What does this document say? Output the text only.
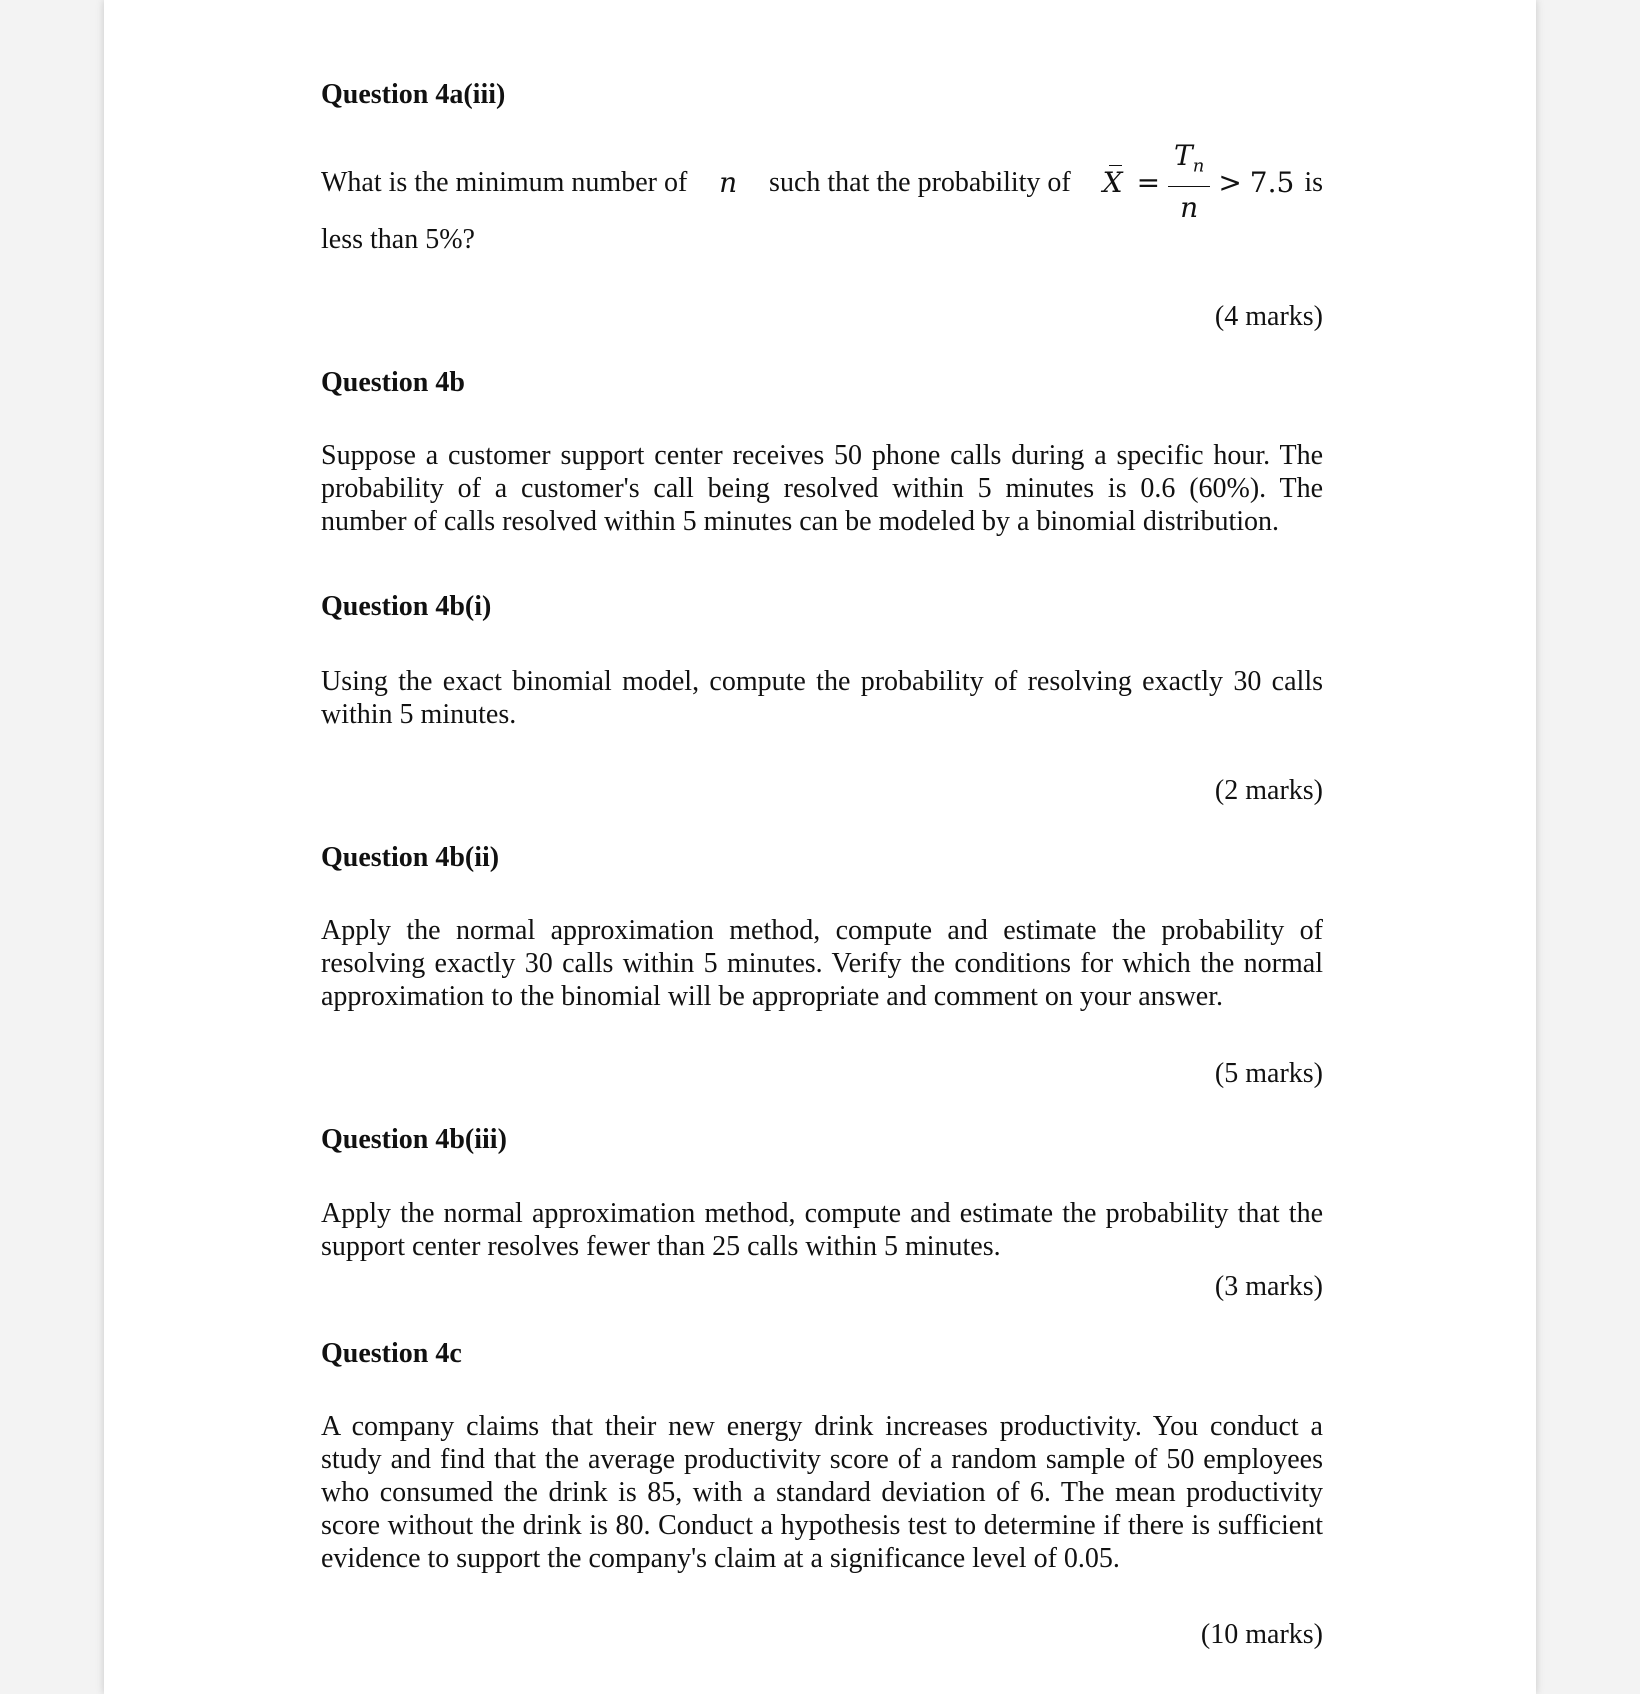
Question 4a(iii)
What is the minimum number of n such that the probability of $X = \frac{T_n}{n} > 7.5$ is
less than 5%?
(4 marks)
Question 4b
Suppose a customer support center receives 50 phone calls during a specific hour. The probability of a customer's call being resolved within 5 minutes is 0.6 (60%). The number of calls resolved within 5 minutes can be modeled by a binomial distribution.
Question 4b(i)
Using the exact binomial model, compute the probability of resolving exactly 30 calls within 5 minutes.
(2 marks)
Question 4b(ii)
Apply the normal approximation method, compute and estimate the probability of resolving exactly 30 calls within 5 minutes. Verify the conditions for which the normal approximation to the binomial will be appropriate and comment on your answer.
(5 marks)
Question 4b(iii)
Apply the normal approximation method, compute and estimate the probability that the support center resolves fewer than 25 calls within 5 minutes.
(3 marks)
Question 4c
A company claims that their new energy drink increases productivity. You conduct a study and find that the average productivity score of a random sample of 50 employees who consumed the drink is 85, with a standard deviation of 6. The mean productivity score without the drink is 80. Conduct a hypothesis test to determine if there is sufficient evidence to support the company's claim at a significance level of 0.05.
(10 marks)
